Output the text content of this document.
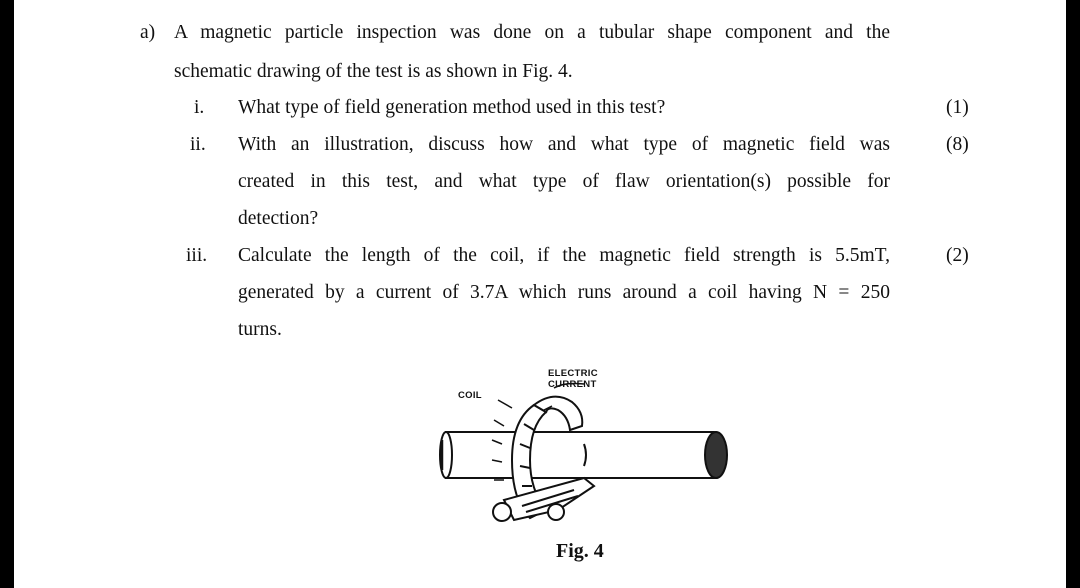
a) A magnetic particle inspection was done on a tubular shape component and the
schematic drawing of the test is as shown in Fig. 4.
i. What type of field generation method used in this test?	(1)
ii. With an illustration, discuss how and what type of magnetic field was
created in this test, and what type of flaw orientation(s) possible for
detection?
(8)
iii. Calculate the length of the coil, if the magnetic field strength is 5.5mT,
generated by a current of 3.7A which runs around a coil having N = 250
turns.
(2)
COIL
ELECTRIC
CURRENT
Fig. 4
